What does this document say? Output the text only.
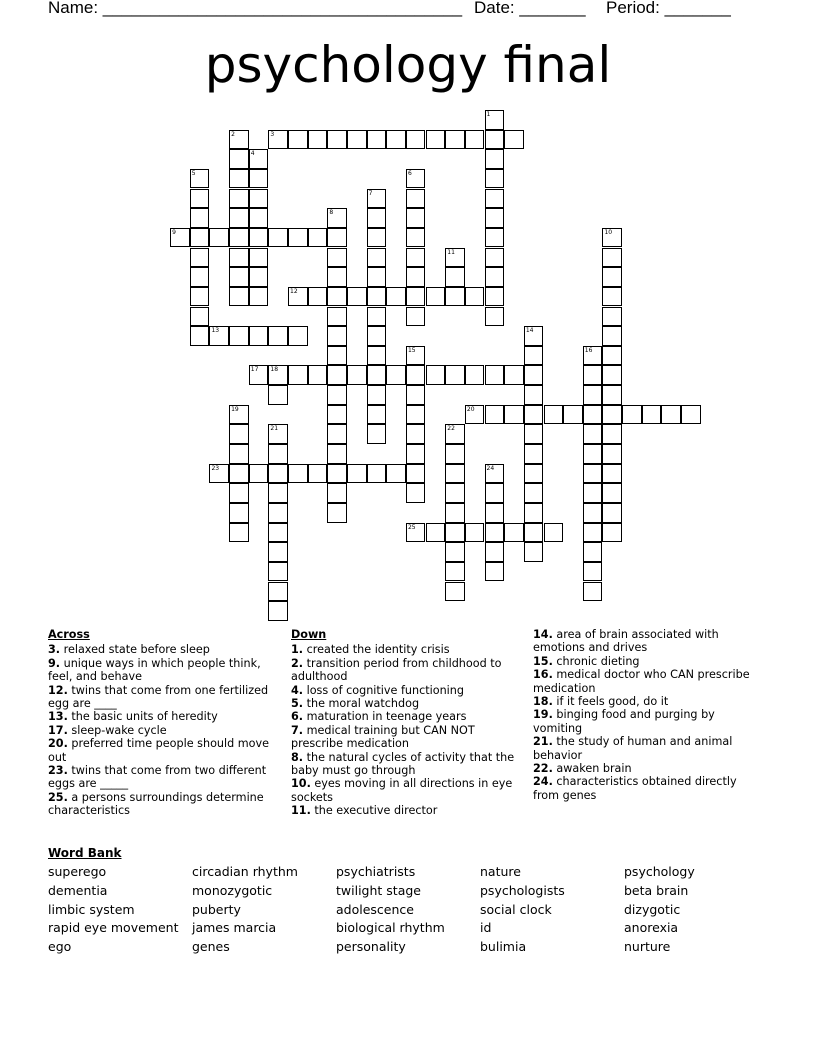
Name: ______________________________________ Date: _______ Period: _______
psychology final
3
9
12
13
17 18
20
23
25
1
2
4
5	6
7
8
10
11
14
15	16
19
21	22
24
Across
3. relaxed state before sleep
9. unique ways in which people think, feel, and behave
12. twins that come from one fertilized egg are ____
13. the basic units of heredity
17. sleep-wake cycle
20. preferred time people should move out
23. twins that come from two different eggs are _____
25. a persons surroundings determine characteristics
Down
1. created the identity crisis
2. transition period from childhood to adulthood
4. loss of cognitive functioning
5. the moral watchdog
6. maturation in teenage years
7. medical training but CAN NOT prescribe medication
8. the natural cycles of activity that the baby must go through
10. eyes moving in all directions in eye sockets
11. the executive director
14. area of brain associated with emotions and drives
15. chronic dieting
16. medical doctor who CAN prescribe medication
18. if it feels good, do it
19. binging food and purging by vomiting
21. the study of human and animal behavior
22. awaken brain
24. characteristics obtained directly from genes
Word Bank
superego
dementia
limbic system
rapid eye movement
ego
circadian rhythm
monozygotic
puberty
james marcia
genes
psychiatrists
twilight stage
adolescence
biological rhythm
personality
nature
psychologists
social clock
id
bulimia
psychology
beta brain
dizygotic
anorexia
nurture
